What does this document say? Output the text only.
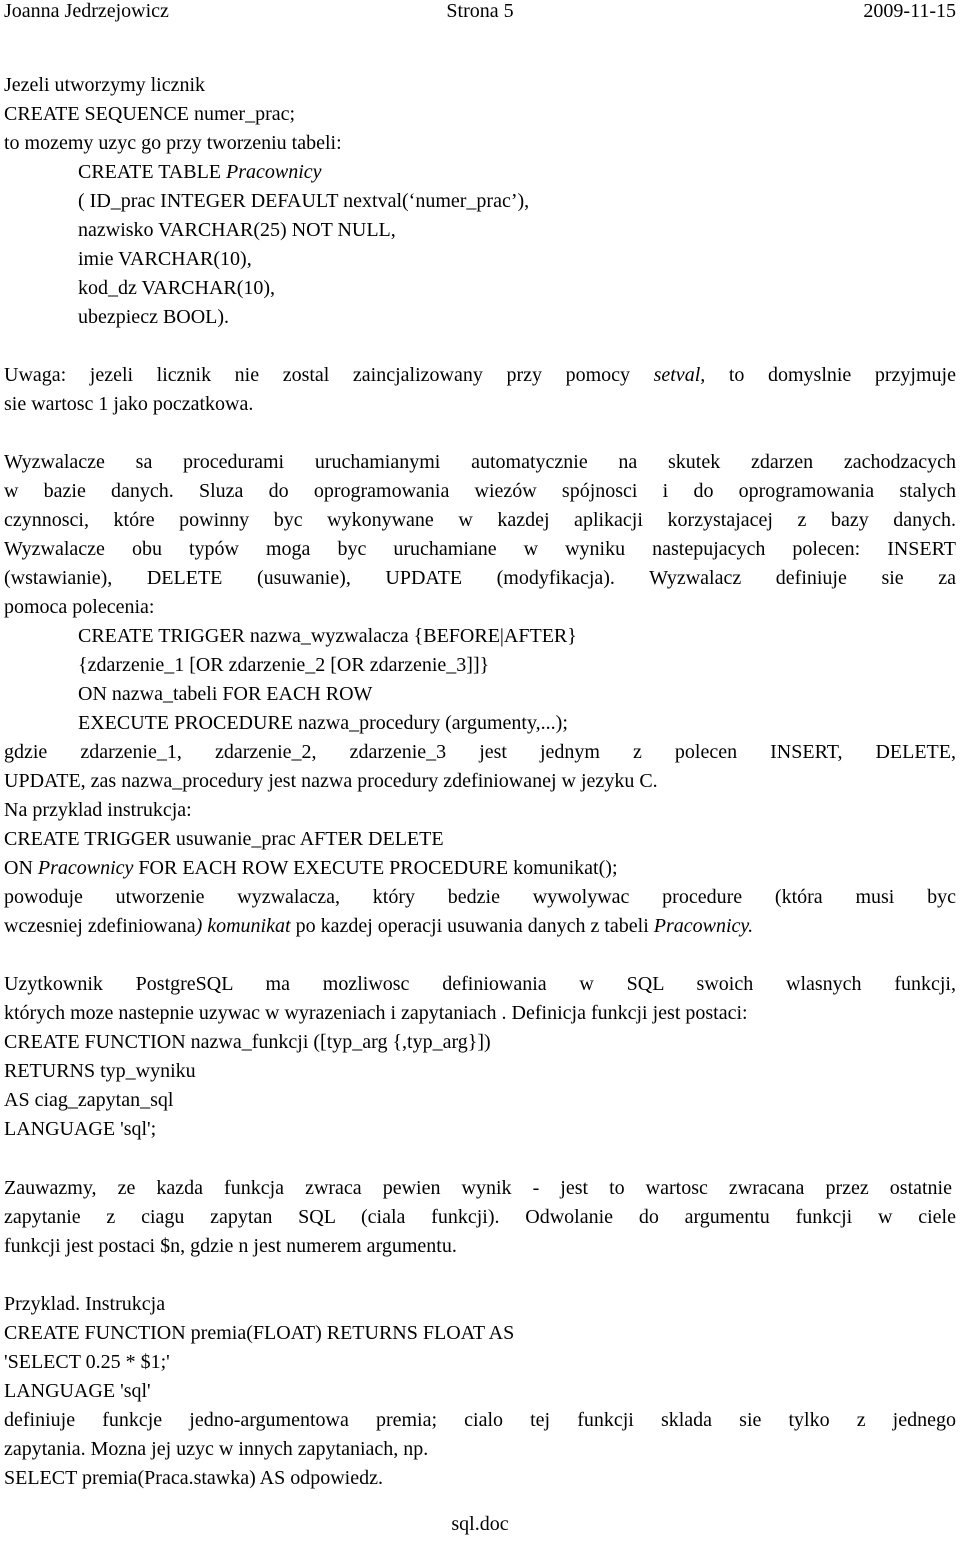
Strona 5
Joanna Jedrzejowicz	2009-11-15
Jezeli utworzymy licznik
CREATE SEQUENCE numer_prac;
to mozemy uzyc go przy tworzeniu tabeli:
CREATE TABLE Pracownicy
( ID_prac INTEGER DEFAULT nextval(‘numer_prac’),
nazwisko VARCHAR(25) NOT NULL,
imie VARCHAR(10),
kod_dz VARCHAR(10),
ubezpiecz BOOL).
Uwaga: jezeli licznik nie zostal zaincjalizowany przy pomocy setval, to domyslnie przyjmuje
sie wartosc 1 jako poczatkowa.
Wyzwalacze sa procedurami uruchamianymi automatycznie na skutek zdarzen zachodzacych
w bazie danych. Sluza do oprogramowania wiezów spójnosci i do oprogramowania stalych
czynnosci, które powinny byc wykonywane w kazdej aplikacji korzystajacej z bazy danych.
Wyzwalacze obu typów moga byc uruchamiane w wyniku nastepujacych polecen: INSERT
(wstawianie), DELETE (usuwanie), UPDATE (modyfikacja). Wyzwalacz definiuje sie za
pomoca polecenia:
CREATE TRIGGER nazwa_wyzwalacza {BEFORE|AFTER}
{zdarzenie_1 [OR zdarzenie_2 [OR zdarzenie_3]]}
ON nazwa_tabeli FOR EACH ROW
EXECUTE PROCEDURE nazwa_procedury (argumenty,...);
gdzie zdarzenie_1, zdarzenie_2, zdarzenie_3 jest jednym z polecen INSERT, DELETE,
UPDATE, zas nazwa_procedury jest nazwa procedury zdefiniowanej w jezyku C.
Na przyklad instrukcja:
CREATE TRIGGER usuwanie_prac AFTER DELETE
ON Pracownicy FOR EACH ROW EXECUTE PROCEDURE komunikat();
powoduje utworzenie wyzwalacza, który bedzie wywolywac procedure (która musi byc
wczesniej zdefiniowana) komunikat po kazdej operacji usuwania danych z tabeli Pracownicy.
Uzytkownik PostgreSQL ma mozliwosc definiowania w SQL swoich wlasnych funkcji,
których moze nastepnie uzywac w wyrazeniach i zapytaniach . Definicja funkcji jest postaci:
CREATE FUNCTION nazwa_funkcji ([typ_arg {,typ_arg}])
RETURNS typ_wyniku
AS ciag_zapytan_sql
LANGUAGE 'sql';
Zauwazmy, ze kazda funkcja zwraca pewien wynik - jest to wartosc zwracana przez ostatnie
zapytanie z ciagu zapytan SQL (ciala funkcji). Odwolanie do argumentu funkcji w ciele
funkcji jest postaci $n, gdzie n jest numerem argumentu.
Przyklad. Instrukcja
CREATE FUNCTION premia(FLOAT) RETURNS FLOAT AS
'SELECT 0.25 * $1;'
LANGUAGE 'sql'
definiuje funkcje jedno-argumentowa premia; cialo tej funkcji sklada sie tylko z jednego
zapytania. Mozna jej uzyc w innych zapytaniach, np.
SELECT premia(Praca.stawka) AS odpowiedz.
sql.doc
